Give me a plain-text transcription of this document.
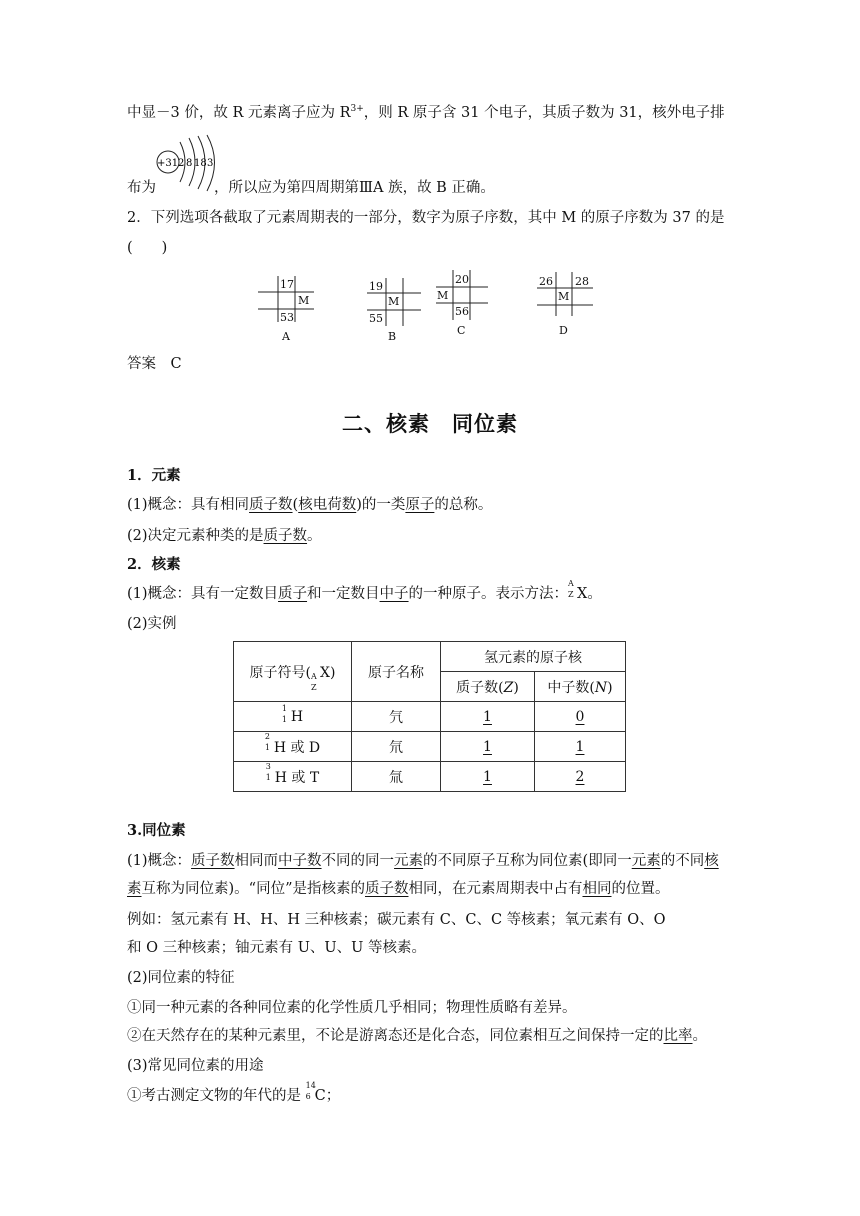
中显－3 价，故 R 元素离子应为 $R^{3+}$，则 R 原子含 31 个电子，其质子数为 31，核外电子排
+31 2 8 18 3
布为	，所以应为第四周期第ⅢA 族，故 B 正确。
2．下列选项各截取了元素周期表的一部分，数字为原子序数，其中 M 的原子序数为 37 的是
(　　)
17
M
53
A
19
M
55
B
20
M
56
C
26 28
M
D
答案　C
二、核素　同位素
1．元素
(1)概念：具有相同质子数(核电荷数)的一类原子的总称。
(2)决定元素种类的是质子数。
2．核素
(1)概念：具有一定数目质子和一定数目中子的一种原子。表示方法：
A
Z X。
(2)实例
原子符号( A
Z
X)	原子名称	氢元素的原子核	
		质子数(Z)	中子数(N)

1
1 H	氕	1	0

2
1 H 或 D	氘	1	1

3
1 H 或 T	氚	1	2
3.同位素
(1)概念：质子数相同而中子数不同的同一元素的不同原子互称为同位素(即同一元素的不同核
素互称为同位素)。“同位”是指核素的质子数相同，在元素周期表中占有相同的位置。
例如：氢元素有 H、H、H 三种核素；碳元素有 C、C、C 等核素；氧元素有 O、O
和 O 三种核素；铀元素有 U、U、U 等核素。
(2)同位素的特征
①同一种元素的各种同位素的化学性质几乎相同；物理性质略有差异。
②在天然存在的某种元素里，不论是游离态还是化合态，同位素相互之间保持一定的比率。
(3)常见同位素的用途
①考古测定文物的年代的是
14
6 C；
